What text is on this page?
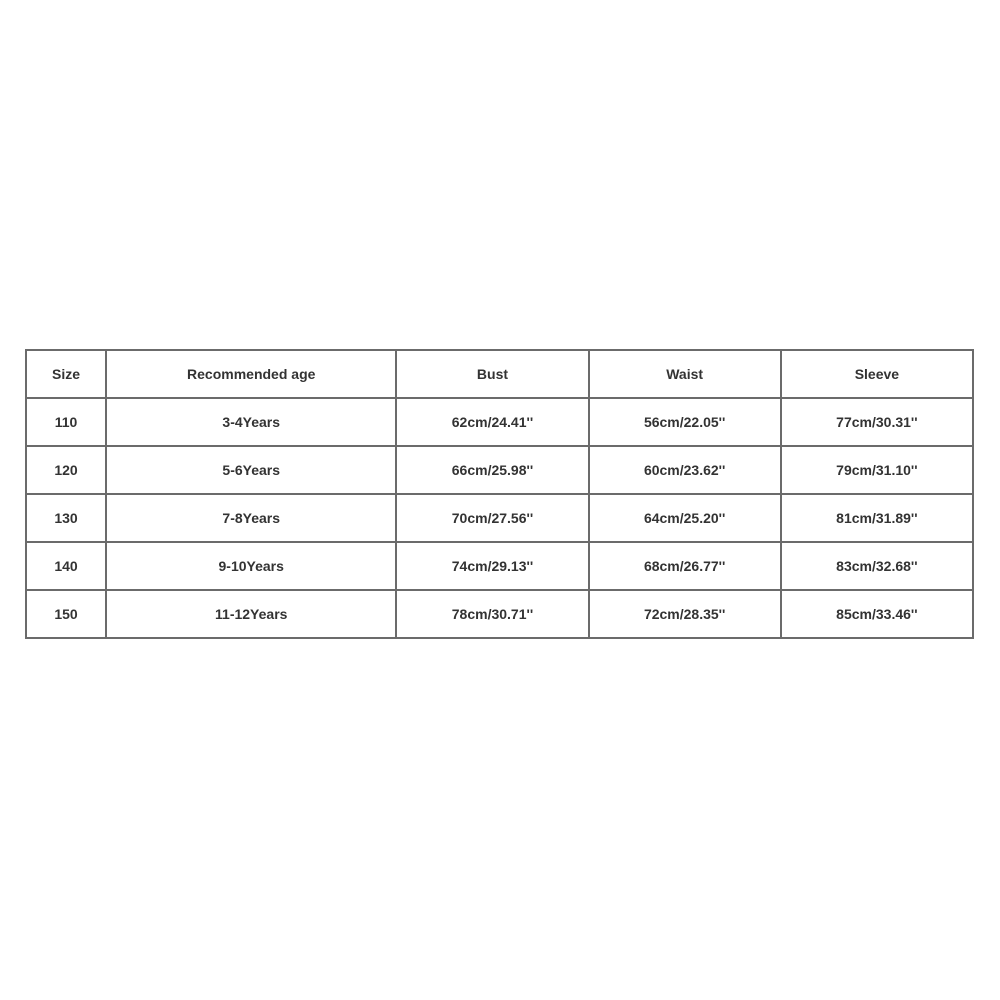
Size	Recommended age	Bust	Waist	Sleeve
110	3-4Years	62cm/24.41''	56cm/22.05''	77cm/30.31''
120	5-6Years	66cm/25.98''	60cm/23.62''	79cm/31.10''
130	7-8Years	70cm/27.56''	64cm/25.20''	81cm/31.89''
140	9-10Years	74cm/29.13''	68cm/26.77''	83cm/32.68''
150	11-12Years	78cm/30.71''	72cm/28.35''	85cm/33.46''
